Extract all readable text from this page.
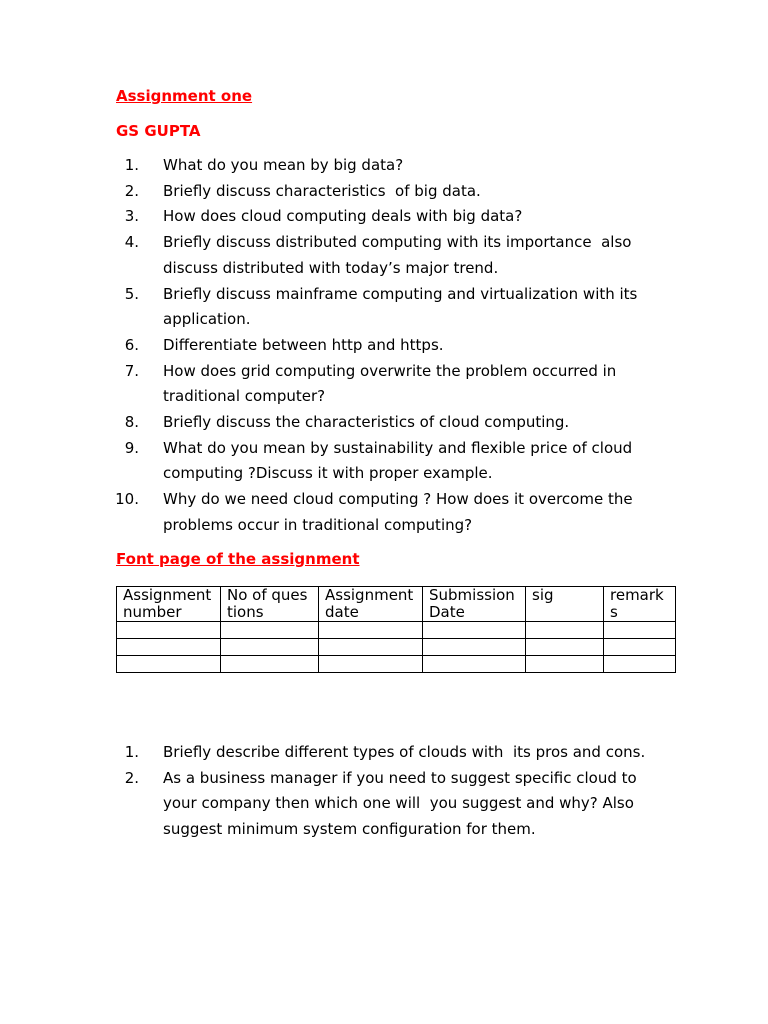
Assignment one
GS GUPTA
1. What do you mean by big data?
2. Briefly discuss characteristics  of big data.
3. How does cloud computing deals with big data?
4. Briefly discuss distributed computing with its importance  also discuss distributed with today’s major trend.
5. Briefly discuss mainframe computing and virtualization with its application.
6. Differentiate between http and https.
7. How does grid computing overwrite the problem occurred in traditional computer?
8. Briefly discuss the characteristics of cloud computing.
9. What do you mean by sustainability and flexible price of cloud computing ?Discuss it with proper example.
10. Why do we need cloud computing ? How does it overcome the problems occur in traditional computing?
Font page of the assignment
Assignment number	No of questions	Assignment date	Submission Date	sig	remarks

1. Briefly describe different types of clouds with  its pros and cons.
2. As a business manager if you need to suggest specific cloud to your company then which one will  you suggest and why? Also suggest minimum system configuration for them.
